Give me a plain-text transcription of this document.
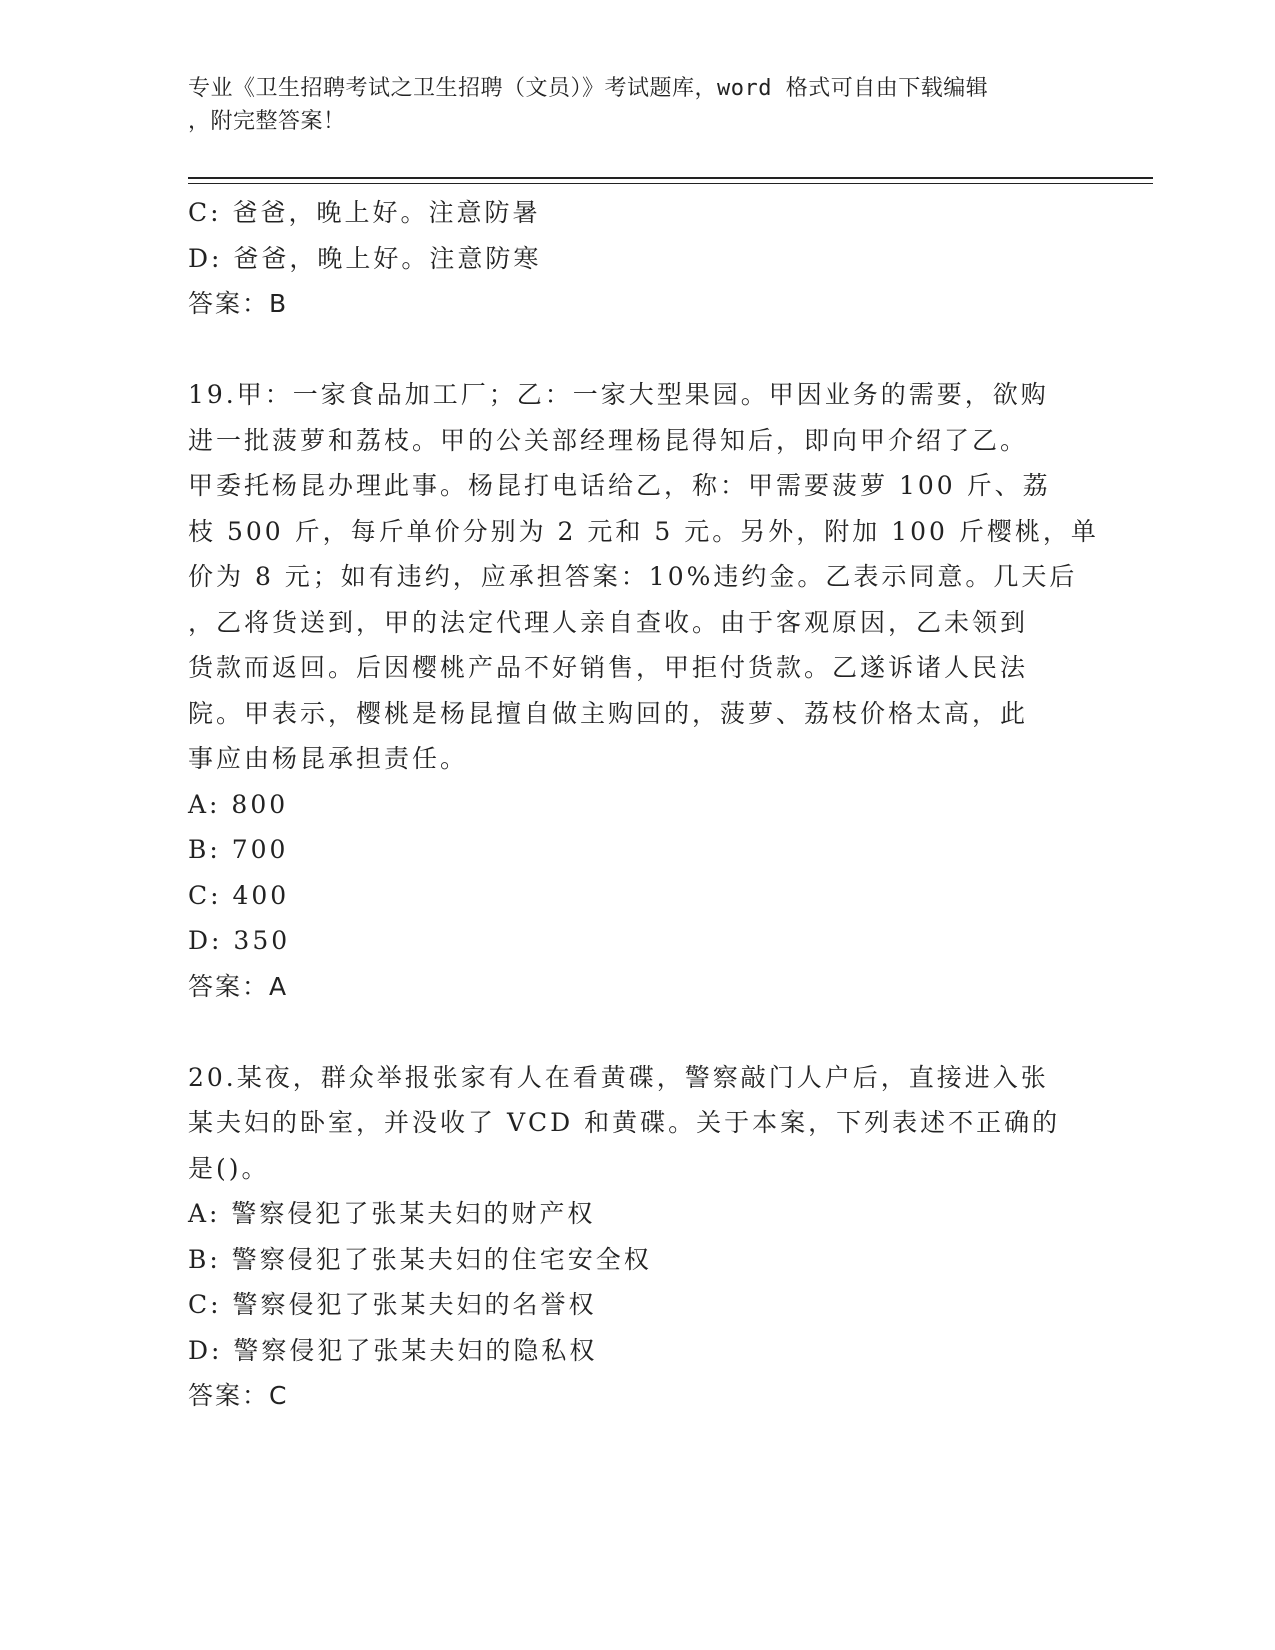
专业《卫生招聘考试之卫生招聘（文员）》考试题库，word 格式可自由下载编辑
，附完整答案！
C: 爸爸，晚上好。注意防暑
D: 爸爸，晚上好。注意防寒
答案：B
19.甲：一家食品加工厂；乙：一家大型果园。甲因业务的需要，欲购
进一批菠萝和荔枝。甲的公关部经理杨昆得知后，即向甲介绍了乙。
甲委托杨昆办理此事。杨昆打电话给乙，称：甲需要菠萝 100 斤、荔
枝 500 斤，每斤单价分别为 2 元和 5 元。另外，附加 100 斤樱桃，单
价为 8 元；如有违约，应承担答案：10%违约金。乙表示同意。几天后
，乙将货送到，甲的法定代理人亲自查收。由于客观原因，乙未领到
货款而返回。后因樱桃产品不好销售，甲拒付货款。乙遂诉诸人民法
院。甲表示，樱桃是杨昆擅自做主购回的，菠萝、荔枝价格太高，此
事应由杨昆承担责任。
A: 800
B: 700
C: 400
D: 350
答案：A
20.某夜，群众举报张家有人在看黄碟，警察敲门人户后，直接进入张
某夫妇的卧室，并没收了 VCD 和黄碟。关于本案，下列表述不正确的
是()。
A: 警察侵犯了张某夫妇的财产权
B: 警察侵犯了张某夫妇的住宅安全权
C: 警察侵犯了张某夫妇的名誉权
D: 警察侵犯了张某夫妇的隐私权
答案：C
